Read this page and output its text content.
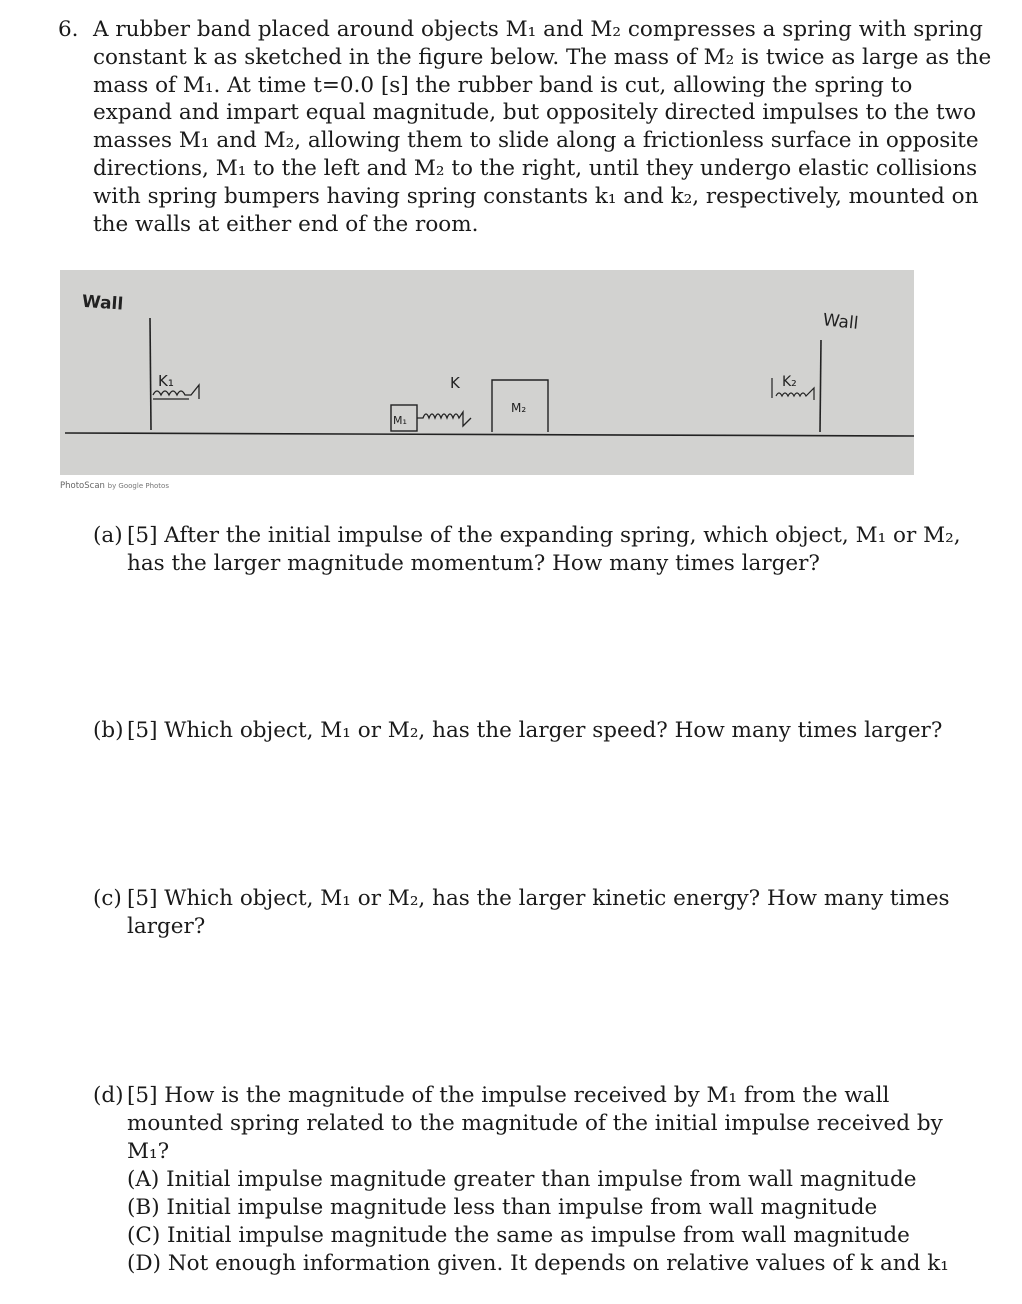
6. A rubber band placed around objects M₁ and M₂ compresses a spring with spring
constant k as sketched in the figure below. The mass of M₂ is twice as large as the
mass of M₁. At time t=0.0 [s] the rubber band is cut, allowing the spring to
expand and impart equal magnitude, but oppositely directed impulses to the two
masses M₁ and M₂, allowing them to slide along a frictionless surface in opposite
directions, M₁ to the left and M₂ to the right, until they undergo elastic collisions
with spring bumpers having spring constants k₁ and k₂, respectively, mounted on
the walls at either end of the room.
Wall
K₁
M₁
K
M₂
K₂
Wall
PhotoScan by Google Photos
(a) [5] After the initial impulse of the expanding spring, which object, M₁ or M₂,
has the larger magnitude momentum? How many times larger?
(b) [5] Which object, M₁ or M₂, has the larger speed? How many times larger?
(c) [5] Which object, M₁ or M₂, has the larger kinetic energy? How many times
larger?
(d) [5] How is the magnitude of the impulse received by M₁ from the wall
mounted spring related to the magnitude of the initial impulse received by
M₁?
(A) Initial impulse magnitude greater than impulse from wall magnitude
(B) Initial impulse magnitude less than impulse from wall magnitude
(C) Initial impulse magnitude the same as impulse from wall magnitude
(D) Not enough information given. It depends on relative values of k and k₁
